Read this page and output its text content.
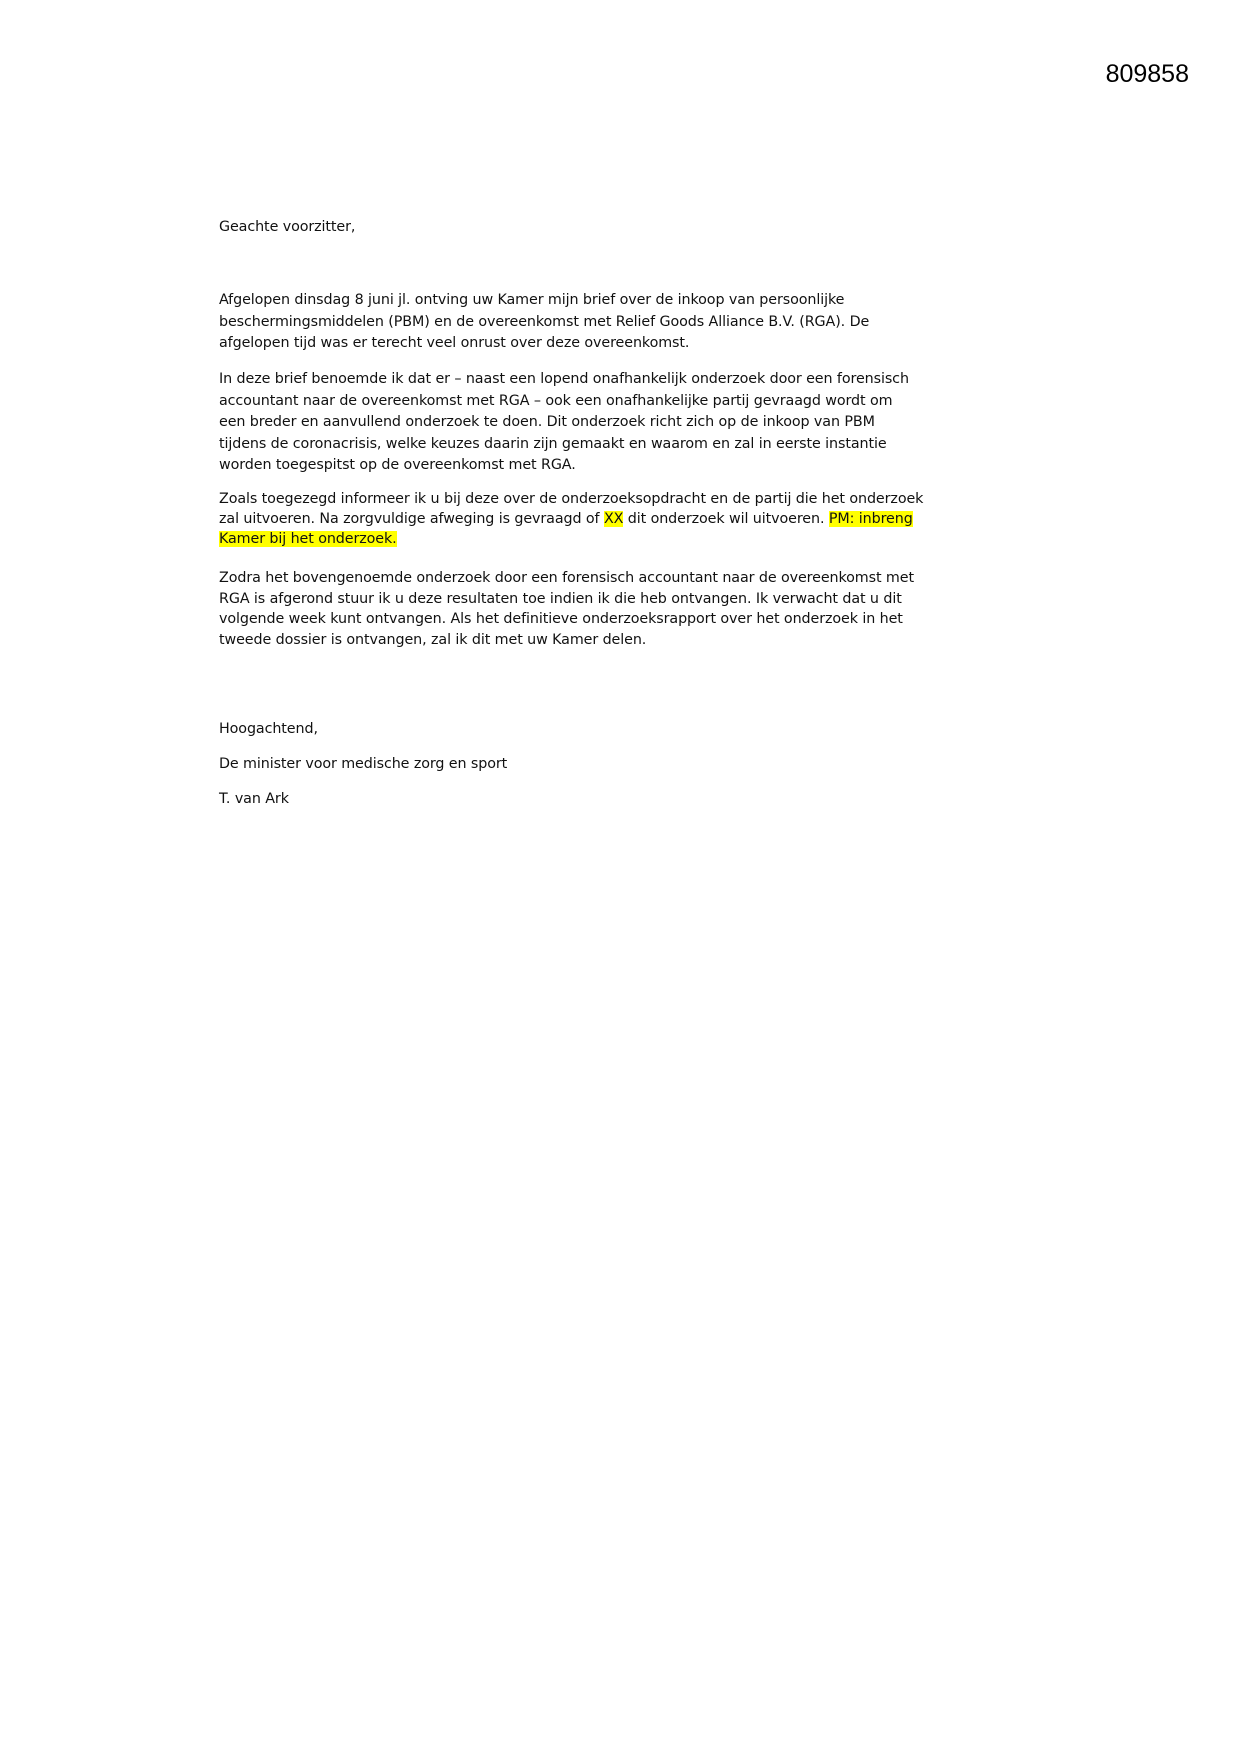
809858
Geachte voorzitter,
Afgelopen dinsdag 8 juni jl. ontving uw Kamer mijn brief over de inkoop van persoonlijke
beschermingsmiddelen (PBM) en de overeenkomst met Relief Goods Alliance B.V. (RGA). De
afgelopen tijd was er terecht veel onrust over deze overeenkomst.
In deze brief benoemde ik dat er – naast een lopend onafhankelijk onderzoek door een forensisch
accountant naar de overeenkomst met RGA – ook een onafhankelijke partij gevraagd wordt om
een breder en aanvullend onderzoek te doen. Dit onderzoek richt zich op de inkoop van PBM
tijdens de coronacrisis, welke keuzes daarin zijn gemaakt en waarom en zal in eerste instantie
worden toegespitst op de overeenkomst met RGA.
Zoals toegezegd informeer ik u bij deze over de onderzoeksopdracht en de partij die het onderzoek
zal uitvoeren. Na zorgvuldige afweging is gevraagd of XX dit onderzoek wil uitvoeren. PM: inbreng
Kamer bij het onderzoek.
Zodra het bovengenoemde onderzoek door een forensisch accountant naar de overeenkomst met
RGA is afgerond stuur ik u deze resultaten toe indien ik die heb ontvangen. Ik verwacht dat u dit
volgende week kunt ontvangen. Als het definitieve onderzoeksrapport over het onderzoek in het
tweede dossier is ontvangen, zal ik dit met uw Kamer delen.
Hoogachtend,
De minister voor medische zorg en sport
T. van Ark
